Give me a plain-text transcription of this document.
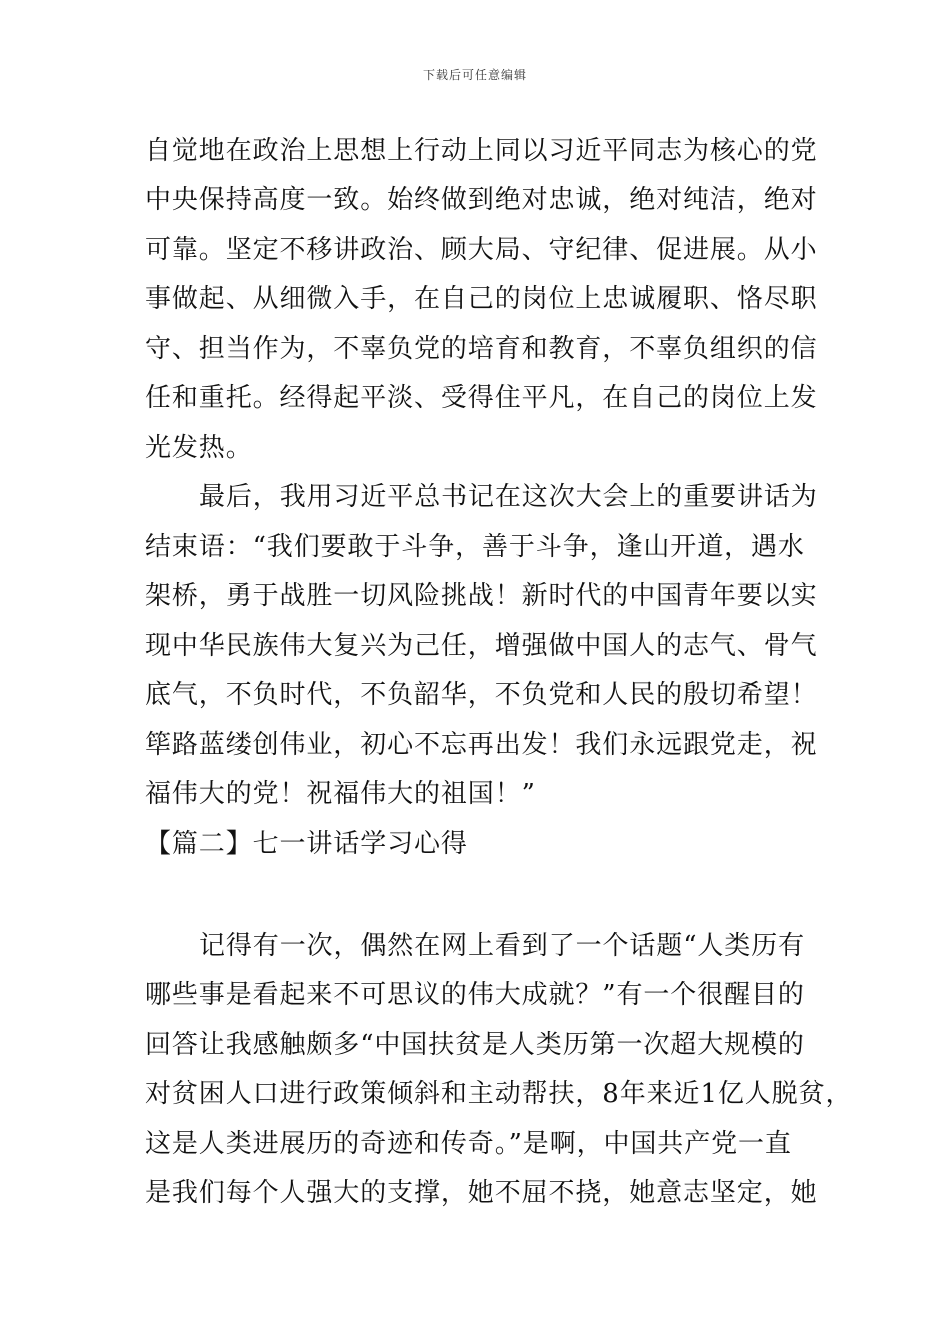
下载后可任意编辑
自觉地在政治上思想上行动上同以习近平同志为核心的党
中央保持高度一致。始终做到绝对忠诚，绝对纯洁，绝对
可靠。坚定不移讲政治、顾大局、守纪律、促进展。从小
事做起、从细微入手，在自己的岗位上忠诚履职、恪尽职
守、担当作为，不辜负党的培育和教育，不辜负组织的信
任和重托。经得起平淡、受得住平凡，在自己的岗位上发
光发热。
最后，我用习近平总书记在这次大会上的重要讲话为
结束语：“我们要敢于斗争，善于斗争，逢山开道，遇水
架桥，勇于战胜一切风险挑战！新时代的中国青年要以实
现中华民族伟大复兴为己任，增强做中国人的志气、骨气
底气，不负时代，不负韶华，不负党和人民的殷切希望！
筚路蓝缕创伟业，初心不忘再出发！我们永远跟党走，祝
福伟大的党！祝福伟大的祖国！”
【篇二】七一讲话学习心得
记得有一次，偶然在网上看到了一个话题“人类历有
哪些事是看起来不可思议的伟大成就？”有一个很醒目的
回答让我感触颇多“中国扶贫是人类历第一次超大规模的
对贫困人口进行政策倾斜和主动帮扶，8年来近1亿人脱贫，
这是人类进展历的奇迹和传奇。”是啊，中国共产党一直
是我们每个人强大的支撑，她不屈不挠，她意志坚定，她
